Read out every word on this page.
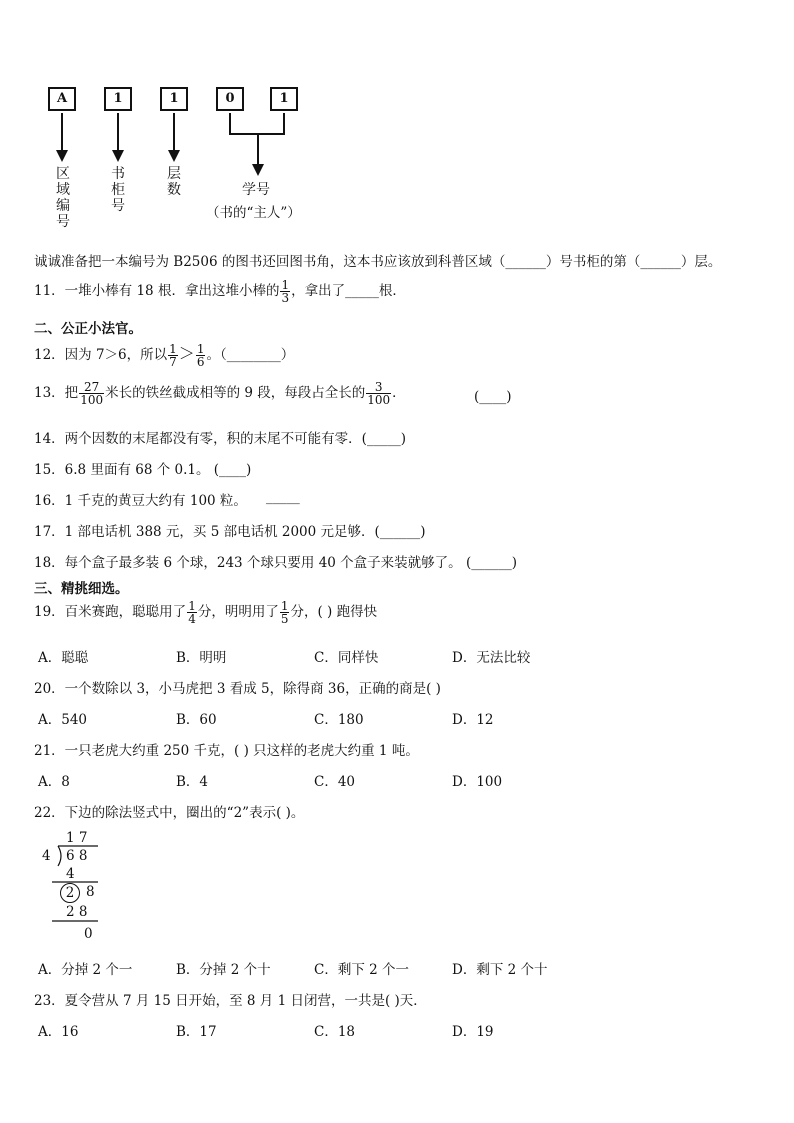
A	1	1	0	1
区
域
编
号
书
柜
号
层
数	学号
（书的“主人”）
诚诚准备把一本编号为 B2506 的图书还回图书角，这本书应该放到科普区域（______）号书柜的第（______）层。
11．一堆小棒有 18 根．拿出这堆小棒的 $\frac{1}{3}$ ，拿出了_____根．
二、公正小法官。
12．因为 7＞6，所以 $\frac{1}{7} > \frac{1}{6}$ 。（________）
13．把 $\frac{27}{100}$ 米长的铁丝截成相等的 9 段，每段占全长的 $\frac{3}{100}$ ．	(____)
14．两个因数的末尾都没有零，积的末尾不可能有零．(_____)
15．6.8 里面有 68 个 0.1。 (____)
16．1 千克的黄豆大约有 100 粒。 _____
17．1 部电话机 388 元，买 5 部电话机 2000 元足够．(______)
18．每个盒子最多装 6 个球，243 个球只要用 40 个盒子来装就够了。 (______)
三、精挑细选。
19．百米赛跑，聪聪用了 $\frac{1}{4}$ 分，明明用了 $\frac{1}{5}$ 分，( ) 跑得快
A．聪聪	B．明明	C．同样快	D．无法比较
20．一个数除以 3，小马虎把 3 看成 5，除得商 36，正确的商是( )
A．540	B．60	C．180	D．12
21．一只老虎大约重 250 千克，( ) 只这样的老虎大约重 1 吨。
A．8	B．4	C．40	D．100
22．下边的除法竖式中，圈出的“2”表示( )。
1 7
4 6 8
4
2 8
2 8
0
A．分掉 2 个一	B．分掉 2 个十	C．剩下 2 个一	D．剩下 2 个十
23．夏令营从 7 月 15 日开始，至 8 月 1 日闭营，一共是( )天．
A．16	B．17	C．18	D．19
